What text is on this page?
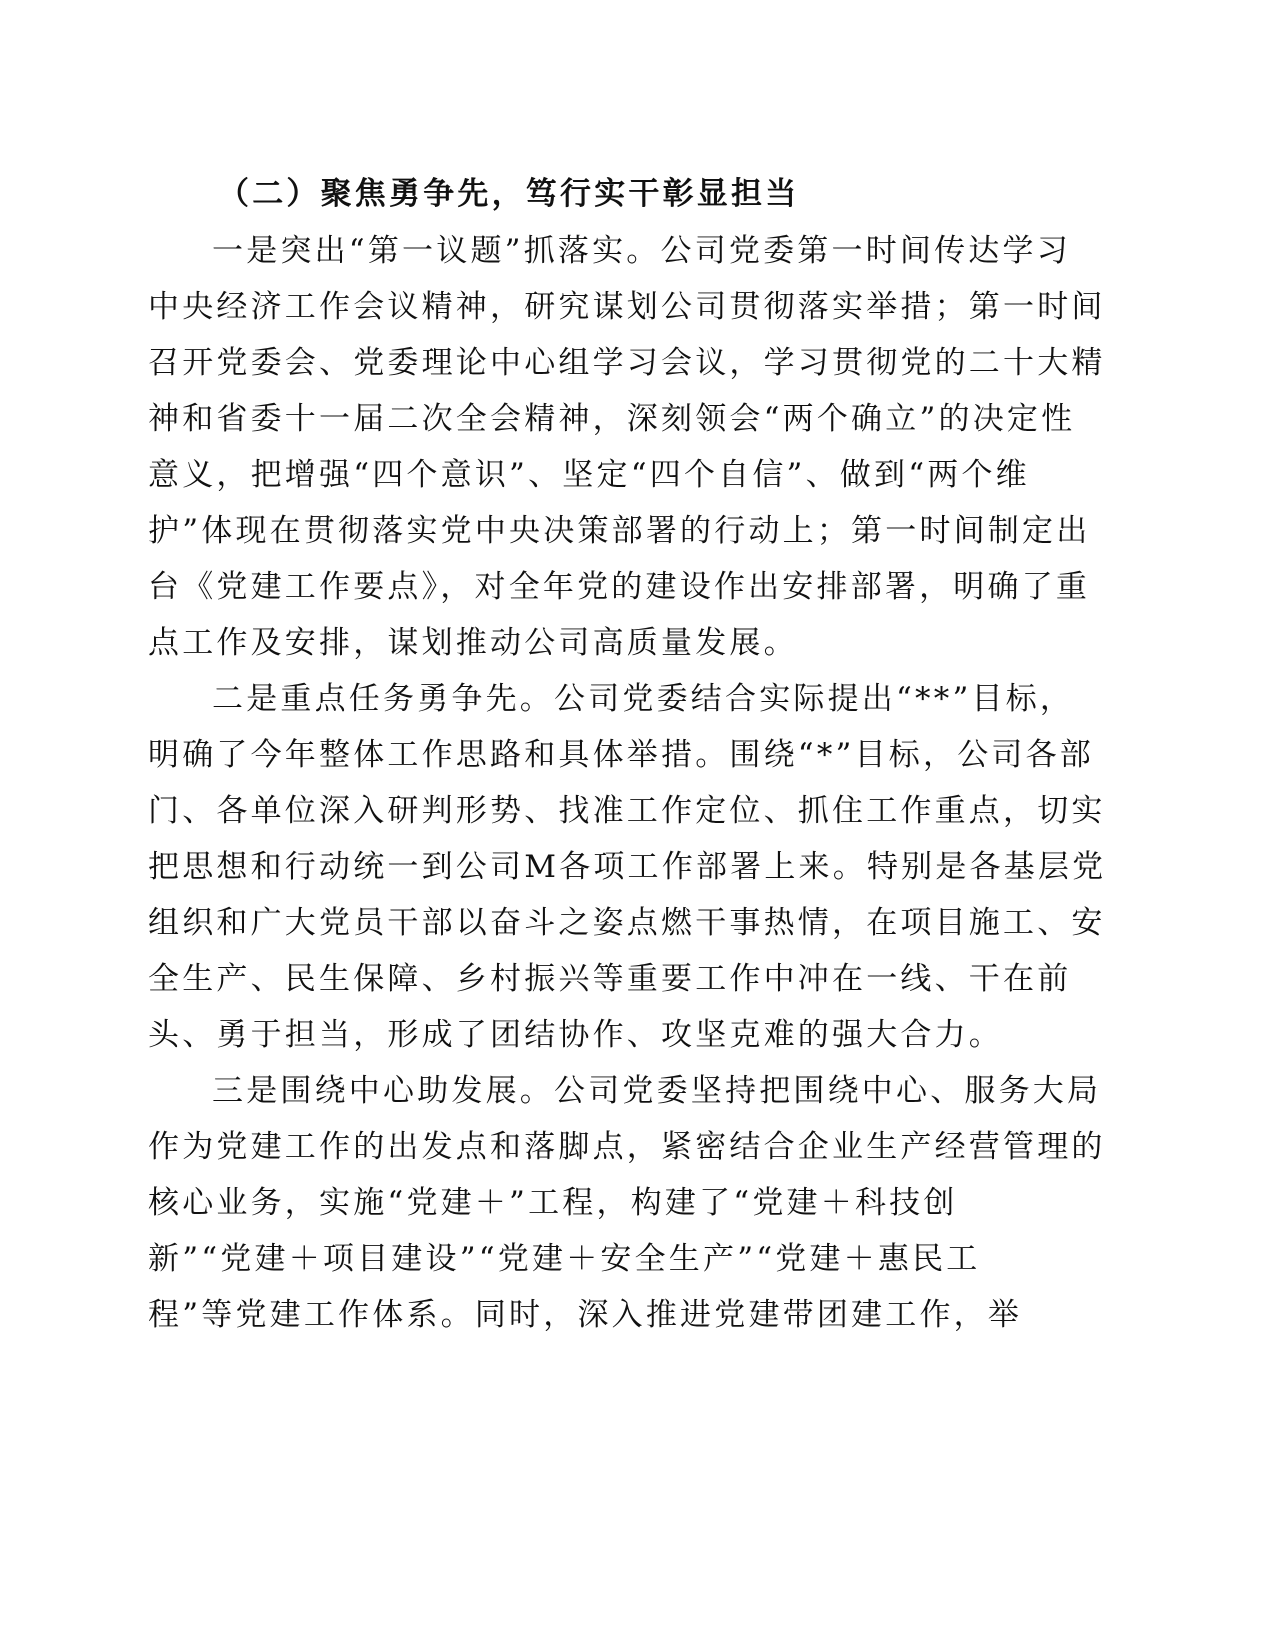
（二）聚焦勇争先，笃行实干彰显担当
一是突出“第一议题”抓落实。公司党委第一时间传达学习
中央经济工作会议精神，研究谋划公司贯彻落实举措；第一时间
召开党委会、党委理论中心组学习会议，学习贯彻党的二十大精
神和省委十一届二次全会精神，深刻领会“两个确立”的决定性
意义，把增强“四个意识”、坚定“四个自信”、做到“两个维
护”体现在贯彻落实党中央决策部署的行动上；第一时间制定出
台《党建工作要点》，对全年党的建设作出安排部署，明确了重
点工作及安排，谋划推动公司高质量发展。
二是重点任务勇争先。公司党委结合实际提出“**”目标，
明确了今年整体工作思路和具体举措。围绕“*”目标，公司各部
门、各单位深入研判形势、找准工作定位、抓住工作重点，切实
把思想和行动统一到公司M各项工作部署上来。特别是各基层党
组织和广大党员干部以奋斗之姿点燃干事热情，在项目施工、安
全生产、民生保障、乡村振兴等重要工作中冲在一线、干在前
头、勇于担当，形成了团结协作、攻坚克难的强大合力。
三是围绕中心助发展。公司党委坚持把围绕中心、服务大局
作为党建工作的出发点和落脚点，紧密结合企业生产经营管理的
核心业务，实施“党建＋”工程，构建了“党建＋科技创
新”“党建＋项目建设”“党建＋安全生产”“党建＋惠民工
程”等党建工作体系。同时，深入推进党建带团建工作，举
